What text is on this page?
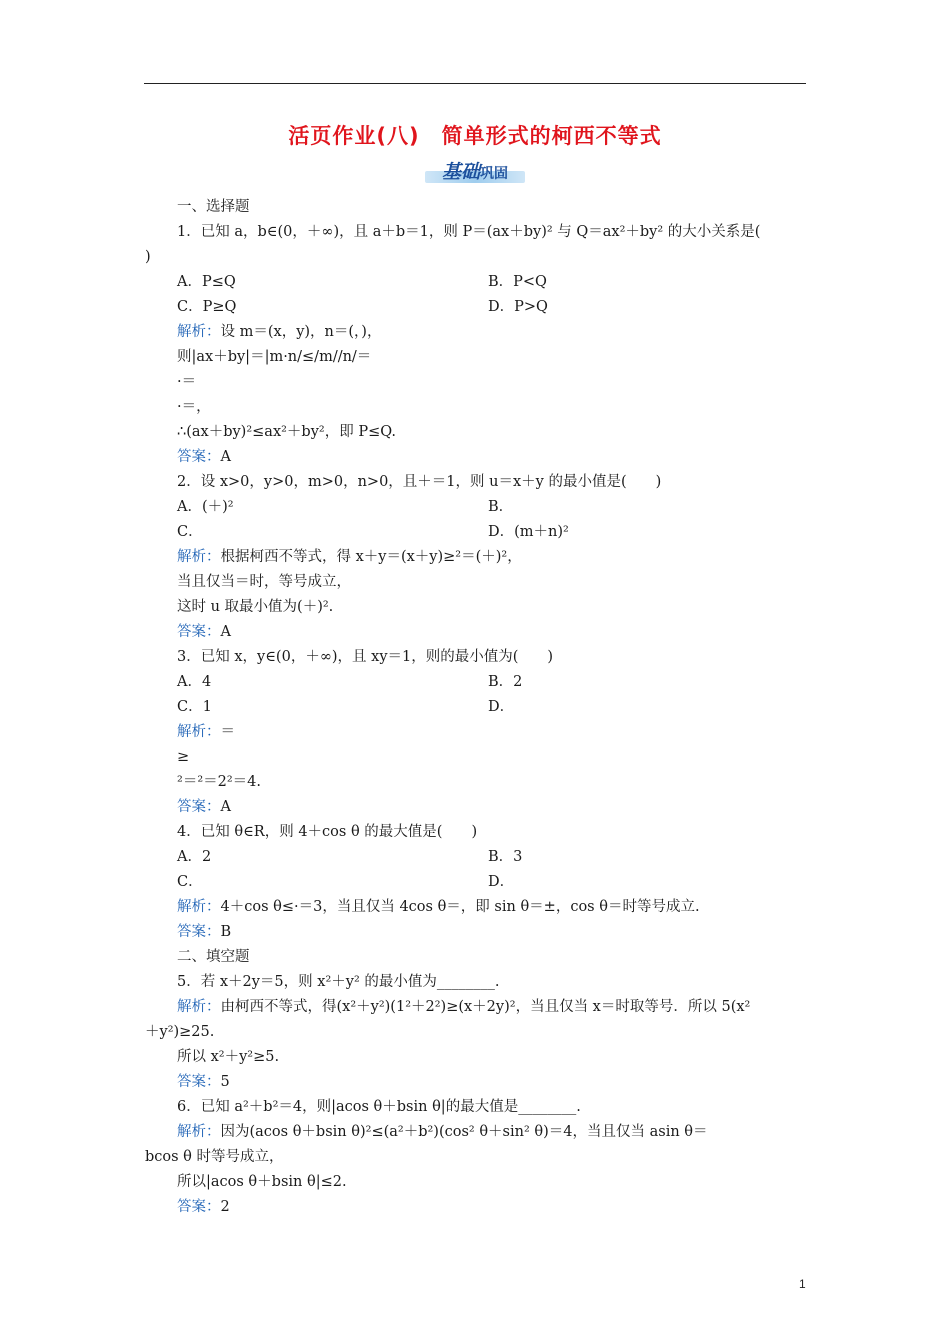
活页作业(八)　简单形式的柯西不等式
基础巩固
一、选择题
1．已知 a，b∈(0，＋∞)，且 a＋b＝1，则 P＝(ax＋by)² 与 Q＝ax²＋by² 的大小关系是(
)
A．P≤Q	B．P<Q
C．P≥Q	D．P>Q
解析：设 m＝(x，y)，n＝(，)，
则|ax＋by|＝|m·n/≤/m//n/＝
·＝
·＝，
∴(ax＋by)²≤ax²＋by²，即 P≤Q.
答案：A
2．设 x>0，y>0，m>0，n>0，且＋＝1，则 u＝x＋y 的最小值是(　　)
A．(＋)²	B．
C．	D．(m＋n)²
解析：根据柯西不等式，得 x＋y＝(x＋y)≥²＝(＋)²，
当且仅当＝时，等号成立，
这时 u 取最小值为(＋)².
答案：A
3．已知 x，y∈(0，＋∞)，且 xy＝1，则的最小值为(　　)
A．4	B．2
C．1	D．
解析：＝
≥
²＝²＝2²＝4.
答案：A
4．已知 θ∈R，则 4＋cos θ 的最大值是(　　)
A．2	B．3
C．	D．
解析：4＋cos θ≤·＝3，当且仅当 4cos θ＝，即 sin θ＝±，cos θ＝时等号成立.
答案：B
二、填空题
5．若 x＋2y＝5，则 x²＋y² 的最小值为________.
解析：由柯西不等式，得(x²＋y²)(1²＋2²)≥(x＋2y)²，当且仅当 x＝时取等号．所以 5(x²
＋y²)≥25.
所以 x²＋y²≥5.
答案：5
6．已知 a²＋b²＝4，则|acos θ＋bsin θ|的最大值是________.
解析：因为(acos θ＋bsin θ)²≤(a²＋b²)(cos² θ＋sin² θ)＝4，当且仅当 asin θ＝
bcos θ 时等号成立，
所以|acos θ＋bsin θ|≤2.
答案：2
1
